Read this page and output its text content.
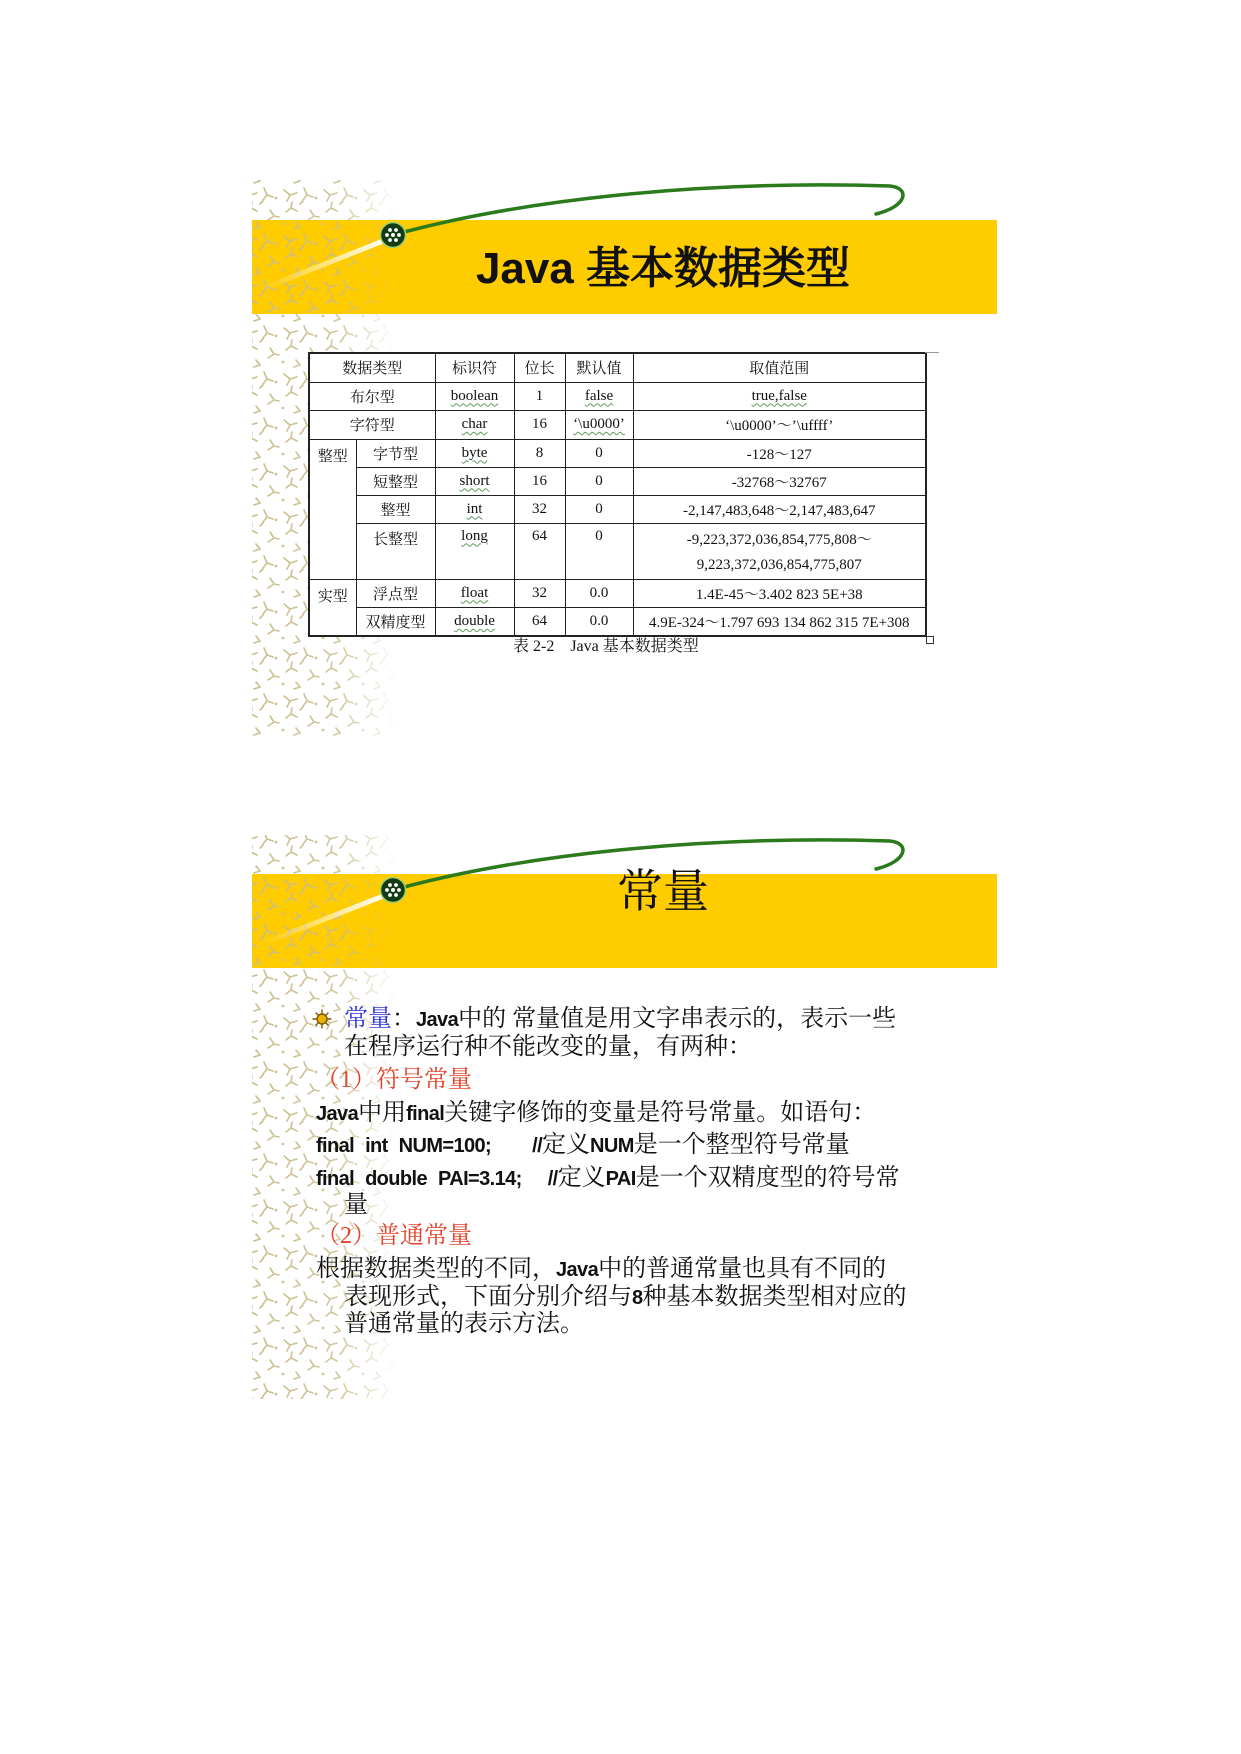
Java 基本数据类型
数据类型		标识符	位长	默认值	取值范围
布尔型		boolean	1	false	true,false
字符型		char	16	‘\u0000’	‘\u0000’～’\uffff’
整型	字节型	byte	8	0	-128～127
	短整型	short	16	0	-32768～32767
	整型	int	32	0	-2,147,483,648～2,147,483,647
	长整型	long	64	0	-9,223,372,036,854,775,808～
9,223,372,036,854,775,807

实型	浮点型	float	32	0.0	1.4E-45～3.402 823 5E+38
	双精度型	double	64	0.0	4.9E-324～1.797 693 134 862 315 7E+308
表 2-2    Java 基本数据类型
常量
常量：Java中的 常量值是用文字串表示的，表示一些
在程序运行种不能改变的量，有两种：
（1）符号常量
Java中用final关键字修饰的变量是符号常量。如语句：
final int NUM=100; //定义NUM是一个整型符号常量
final double PAI=3.14; //定义PAI是一个双精度型的符号常
量
（2）普通常量
根据数据类型的不同，Java中的普通常量也具有不同的
表现形式，下面分别介绍与8种基本数据类型相对应的
普通常量的表示方法。
